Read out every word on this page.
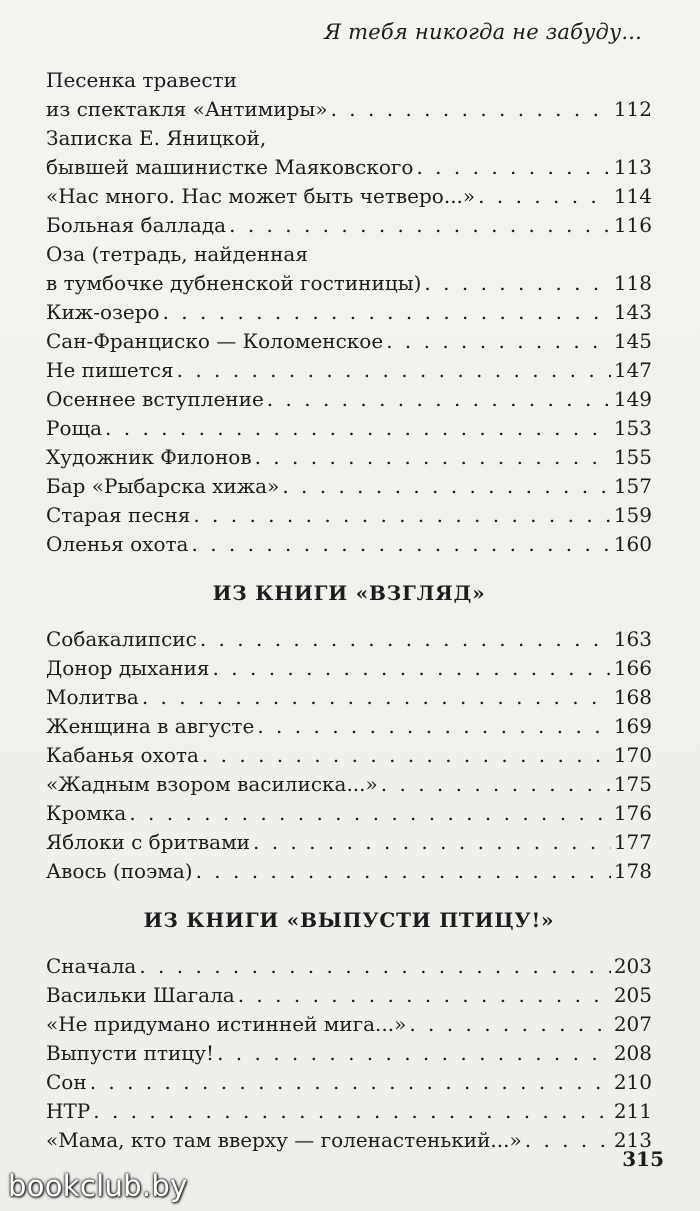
Я тебя никогда не забуду...
Песенка травести
из спектакля «Антимиры» . . .	112
Записка Е. Яницкой,
бывшей машинистке Маяковского . . .	113
«Нас много. Нас может быть четверо...» . . .	114
Больная баллада . . .	116
Оза (тетрадь, найденная
в тумбочке дубненской гостиницы) . . .	118
Киж-озеро . . .	143
Сан-Франциско — Коломенское . . .	145
Не пишется . . .	147
Осеннее вступление . . .	149
Роща . . .	153
Художник Филонов . . .	155
Бар «Рыбарска хижа» . . .	157
Старая песня . . .	159
Оленья охота . . .	160
ИЗ КНИГИ «ВЗГЛЯД»
Собакалипсис . . .	163
Донор дыхания . . .	166
Молитва . . .	168
Женщина в августе . . .	169
Кабанья охота . . .	170
«Жадным взором василиска...» . . .	175
Кромка . . .	176
Яблоки с бритвами . . .	177
Авось (поэма) . . .	178
ИЗ КНИГИ «ВЫПУСТИ ПТИЦУ!»
Сначала . . .	203
Васильки Шагала . . .	205
«Не придумано истинней мига...» . . .	207
Выпусти птицу! . . .	208
Сон . . .	210
НТР . . .	211
«Мама, кто там вверху — голенастенький...» . . .	213
315
bookclub.by
